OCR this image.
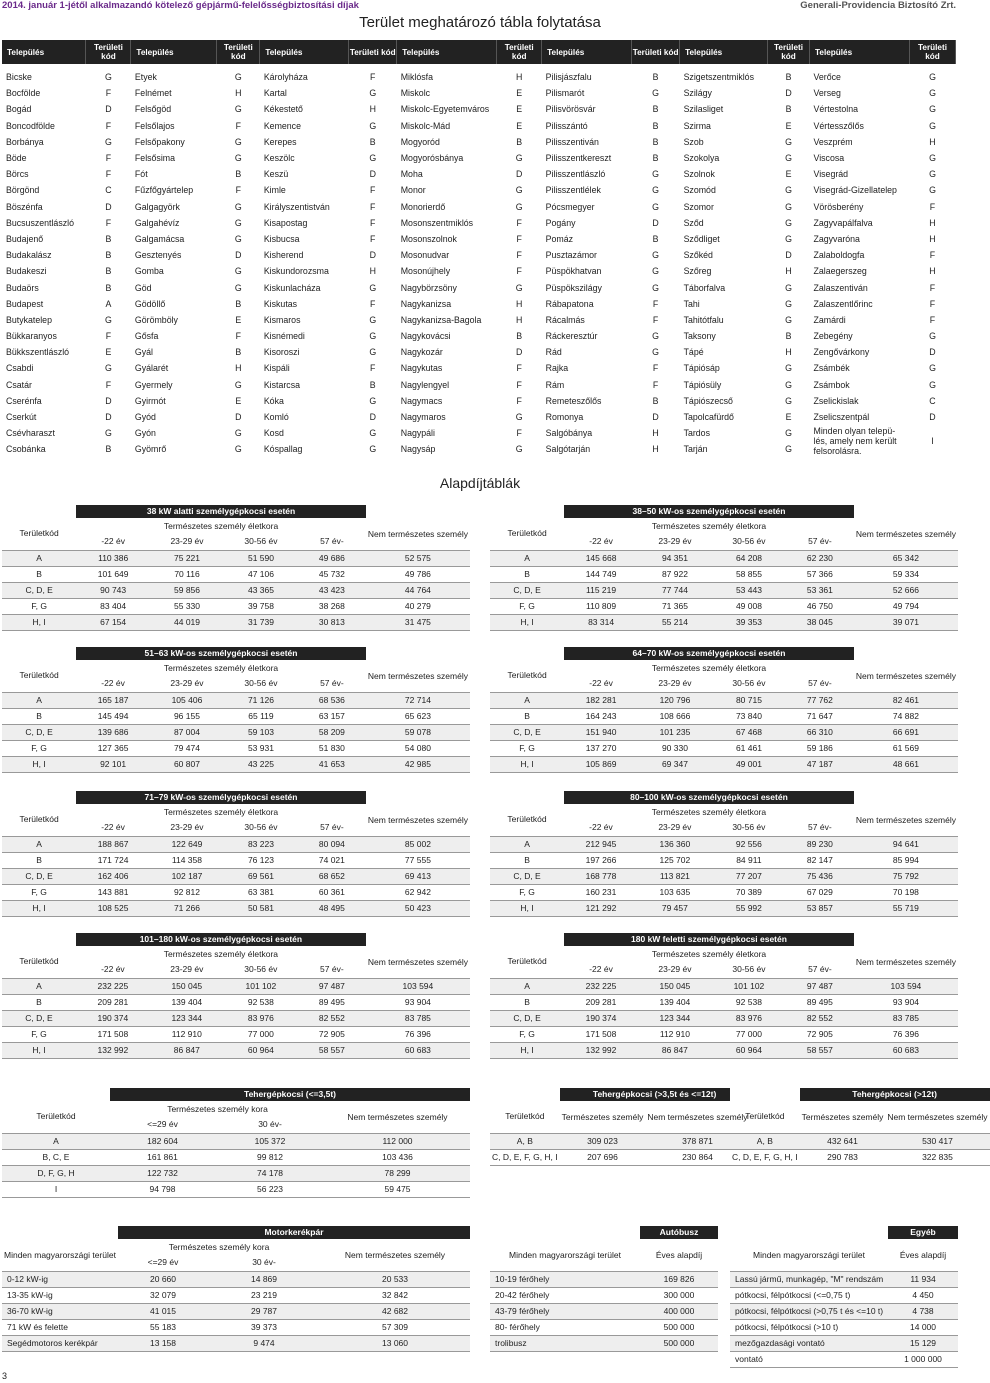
2014. január 1-jétől alkalmazandó kötelező gépjármű-felelősségbiztosítási díjak	Generali-Providencia Biztosító Zrt.
Terület meghatározó tábla folytatása
Település	Területi kód	Település	Területi kód	Település	Területi kód	Település	Területi kód	Település	Területi kód	Település	Területi kód	Település	Területi kód

Bicske	G	Etyek	G	Károlyháza	F	Miklósfa	H	Pilisjászfalu	B	Szigetszentmiklós	B	Verőce	G
Bocfölde	F	Felnémet	H	Kartal	G	Miskolc	E	Pilismarót	G	Szilágy	D	Verseg	G
Bogád	D	Felsőgöd	G	Kékestető	H	Miskolc-Egyetemváros	E	Pilisvörösvár	B	Szilasliget	B	Vértestolna	G
Boncodfölde	F	Felsőlajos	F	Kemence	G	Miskolc-Mád	E	Pilisszántó	B	Szirma	E	Vértesszőlős	G
Borbánya	G	Felsőpakony	G	Kerepes	B	Mogyoród	B	Pilisszentiván	B	Szob	G	Veszprém	H
Böde	F	Felsősima	G	Keszölc	G	Mogyorósbánya	G	Pilisszentkereszt	B	Szokolya	G	Viscosa	G
Börcs	F	Fót	B	Keszü	D	Moha	D	Pilisszentlászló	G	Szolnok	E	Visegrád	G
Börgönd	C	Fűzfőgyártelep	F	Kimle	F	Monor	G	Pilisszentlélek	G	Szomód	G	Visegrád-Gizellatelep	G
Böszénfa	D	Galgagyörk	G	Királyszentistván	F	Monorierdő	G	Pócsmegyer	G	Szomor	G	Vörösberény	F
Bucsuszentlászló	F	Galgahévíz	G	Kisapostag	F	Mosonszentmiklós	F	Pogány	D	Sződ	G	Zagyvapálfalva	H
Budajenő	B	Galgamácsa	G	Kisbucsa	F	Mosonszolnok	F	Pomáz	B	Sződliget	G	Zagyvaróna	H
Budakalász	B	Gesztenyés	D	Kisherend	D	Mosonudvar	F	Pusztazámor	G	Szőkéd	D	Zalaboldogfa	F
Budakeszi	B	Gomba	G	Kiskundorozsma	H	Mosonújhely	F	Püspökhatvan	G	Szőreg	H	Zalaegerszeg	H
Budaörs	B	Göd	G	Kiskunlacháza	G	Nagybörzsöny	G	Püspökszilágy	G	Táborfalva	G	Zalaszentiván	F
Budapest	A	Gödöllő	B	Kiskutas	F	Nagykanizsa	H	Rábapatona	F	Tahi	G	Zalaszentlőrinc	F
Butykatelep	G	Görömböly	E	Kismaros	G	Nagykanizsa-Bagola	H	Rácalmás	F	Tahitótfalu	G	Zamárdi	F
Bükkaranyos	F	Gősfa	F	Kisnémedi	G	Nagykovácsi	B	Ráckeresztúr	G	Taksony	B	Zebegény	G
Bükkszentlászló	E	Gyál	B	Kisoroszi	G	Nagykozár	D	Rád	G	Tápé	H	Zengővárkony	D
Csabdi	G	Gyálarét	H	Kispáli	F	Nagykutas	F	Rajka	F	Tápiósáp	G	Zsámbék	G
Csatár	F	Gyermely	G	Kistarcsa	B	Nagylengyel	F	Rám	F	Tápiósüly	G	Zsámbok	G
Cserénfa	D	Gyirmót	E	Kóka	G	Nagymacs	F	Remeteszőlős	B	Tápiószecső	G	Zselickislak	C
Cserkút	D	Gyód	D	Komló	D	Nagymaros	G	Romonya	D	Tapolcafürdő	E	Zselicszentpál	D
Csévharaszt	G	Gyón	G	Kosd	G	Nagypáli	F	Salgóbánya	H	Tardos	G	Minden olyan telepü-lés, amely nem került felsorolásra.	I
Csobánka	B	Gyömrő	G	Kóspallag	G	Nagysáp	G	Salgótarján	H	Tarján	G		
Alapdíjtáblák
	38 kW alatti személygépkocsi esetén				
Területkód	Természetes személy életkora				Nem természetes személy
	-22 év	23-29 év	30-56 év	57 év-	
A	110 386	75 221	51 590	49 686	52 575
B	101 649	70 116	47 106	45 732	49 786
C, D, E	90 743	59 856	43 365	43 423	44 764
F, G	83 404	55 330	39 758	38 268	40 279
H, I	67 154	44 019	31 739	30 813	31 475
	38–50 kW-os személygépkocsi esetén				
Területkód	Természetes személy életkora				Nem természetes személy
	-22 év	23-29 év	30-56 év	57 év-	
A	145 668	94 351	64 208	62 230	65 342
B	144 749	87 922	58 855	57 366	59 334
C, D, E	115 219	77 744	53 443	53 361	52 666
F, G	110 809	71 365	49 008	46 750	49 794
H, I	83 314	55 214	39 353	38 045	39 071
	51–63 kW-os személygépkocsi esetén				
Területkód	Természetes személy életkora				Nem természetes személy
	-22 év	23-29 év	30-56 év	57 év-	
A	165 187	105 406	71 126	68 536	72 714
B	145 494	96 155	65 119	63 157	65 623
C, D, E	139 686	87 004	59 103	58 209	59 078
F, G	127 365	79 474	53 931	51 830	54 080
H, I	92 101	60 807	43 225	41 653	42 985
	64–70 kW-os személygépkocsi esetén				
Területkód	Természetes személy életkora				Nem természetes személy
	-22 év	23-29 év	30-56 év	57 év-	
A	182 281	120 796	80 715	77 762	82 461
B	164 243	108 666	73 840	71 647	74 882
C, D, E	151 940	101 235	67 468	66 310	66 691
F, G	137 270	90 330	61 461	59 186	61 569
H, I	105 869	69 347	49 001	47 187	48 661
	71–79 kW-os személygépkocsi esetén				
Területkód	Természetes személy életkora				Nem természetes személy
	-22 év	23-29 év	30-56 év	57 év-	
A	188 867	122 649	83 223	80 094	85 002
B	171 724	114 358	76 123	74 021	77 555
C, D, E	162 406	102 187	69 561	68 652	69 413
F, G	143 881	92 812	63 381	60 361	62 942
H, I	108 525	71 266	50 581	48 495	50 423
	80–100 kW-os személygépkocsi esetén				
Területkód	Természetes személy életkora				Nem természetes személy
	-22 év	23-29 év	30-56 év	57 év-	
A	212 945	136 360	92 556	89 230	94 641
B	197 266	125 702	84 911	82 147	85 994
C, D, E	168 778	113 821	77 207	75 436	75 792
F, G	160 231	103 635	70 389	67 029	70 198
H, I	121 292	79 457	55 992	53 857	55 719
	101–180 kW-os személygépkocsi esetén				
Területkód	Természetes személy életkora				Nem természetes személy
	-22 év	23-29 év	30-56 év	57 év-	
A	232 225	150 045	101 102	97 487	103 594
B	209 281	139 404	92 538	89 495	93 904
C, D, E	190 374	123 344	83 976	82 552	83 785
F, G	171 508	112 910	77 000	72 905	76 396
H, I	132 992	86 847	60 964	58 557	60 683
	180 kW feletti személygépkocsi esetén				
Területkód	Természetes személy életkora				Nem természetes személy
	-22 év	23-29 év	30-56 év	57 év-	
A	232 225	150 045	101 102	97 487	103 594
B	209 281	139 404	92 538	89 495	93 904
C, D, E	190 374	123 344	83 976	82 552	83 785
F, G	171 508	112 910	77 000	72 905	76 396
H, I	132 992	86 847	60 964	58 557	60 683
	Tehergépkocsi (<=3,5t)		
Területkód	Természetes személy kora		Nem természetes személy
	<=29 év	30 év-	
A	182 604	105 372	112 000
B, C, E	161 861	99 812	103 436
D, F, G, H	122 732	74 178	78 299
I	94 798	56 223	59 475
	Tehergépkocsi (>3,5t és <=12t)	
Területkód	Természetes személy	Nem természetes személy
A, B	309 023	378 871
C, D, E, F, G, H, I	207 696	230 864
	Tehergépkocsi (>12t)	
Területkód	Természetes személy	Nem természetes személy
A, B	432 641	530 417
C, D, E, F, G, H, I	290 783	322 835
	Motorkerékpár		
Minden magyarországi terület	Természetes személy kora		Nem természetes személy
	<=29 év	30 év-	
0-12 kW-ig	20 660	14 869	20 533
13-35 kW-ig	32 079	23 219	32 842
36-70 kW-ig	41 015	29 787	42 682
71 kW és felette	55 183	39 373	57 309
Segédmotoros kerékpár	13 158	9 474	13 060
	Autóbusz
Minden magyarországi terület	Éves alapdíj
10-19 férőhely	169 826
20-42 férőhely	300 000
43-79 férőhely	400 000
80- férőhely	500 000
trolibusz	500 000
	Egyéb
Minden magyarországi terület	Éves alapdíj
Lassú jármű, munkagép, "M" rendszám	11 934
pótkocsi, félpótkocsi (<=0,75 t)	4 450
pótkocsi, félpótkocsi (>0,75 t és <=10 t)	4 738
pótkocsi, félpótkocsi (>10 t)	14 000
mezőgazdasági vontató	15 129
vontató	1 000 000
3
